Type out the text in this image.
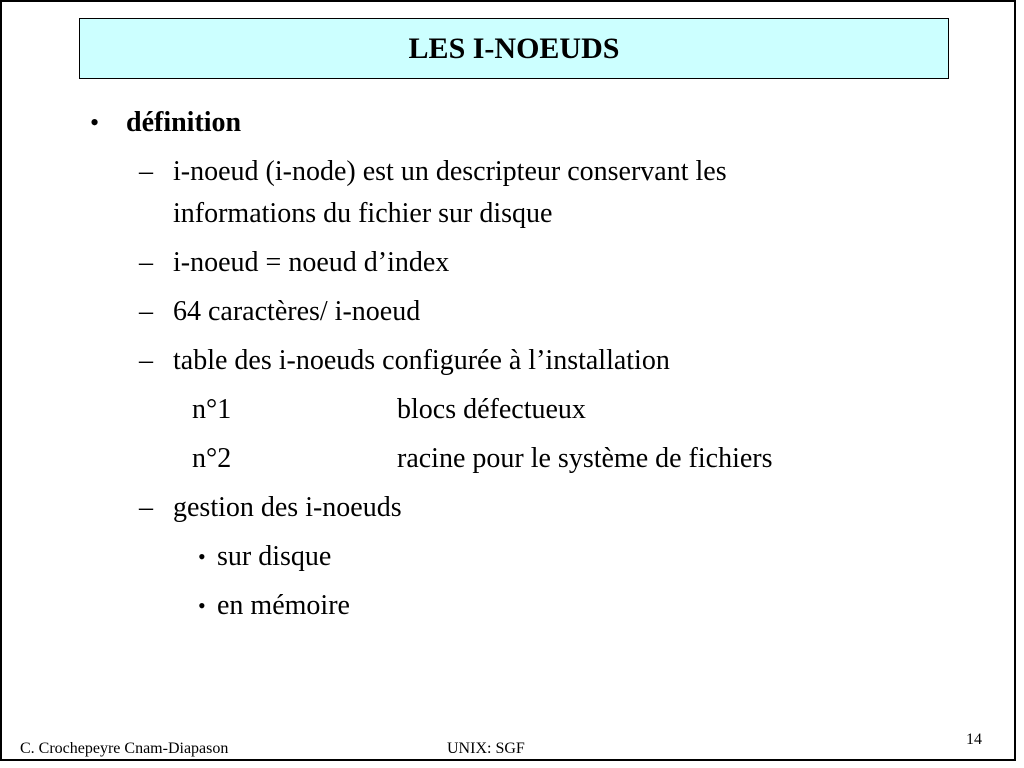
LES I-NOEUDS
• définition
– i-noeud (i-node) est un descripteur conservant les
informations du fichier sur disque
– i-noeud = noeud d’index
– 64 caractères/ i-noeud
– table des i-noeuds configurée à l’installation
n°1	blocs défectueux
n°2	racine pour le système de fichiers
– gestion des i-noeuds
• sur disque
• en mémoire
C. Crochepeyre Cnam-Diapason	UNIX: SGF
14
